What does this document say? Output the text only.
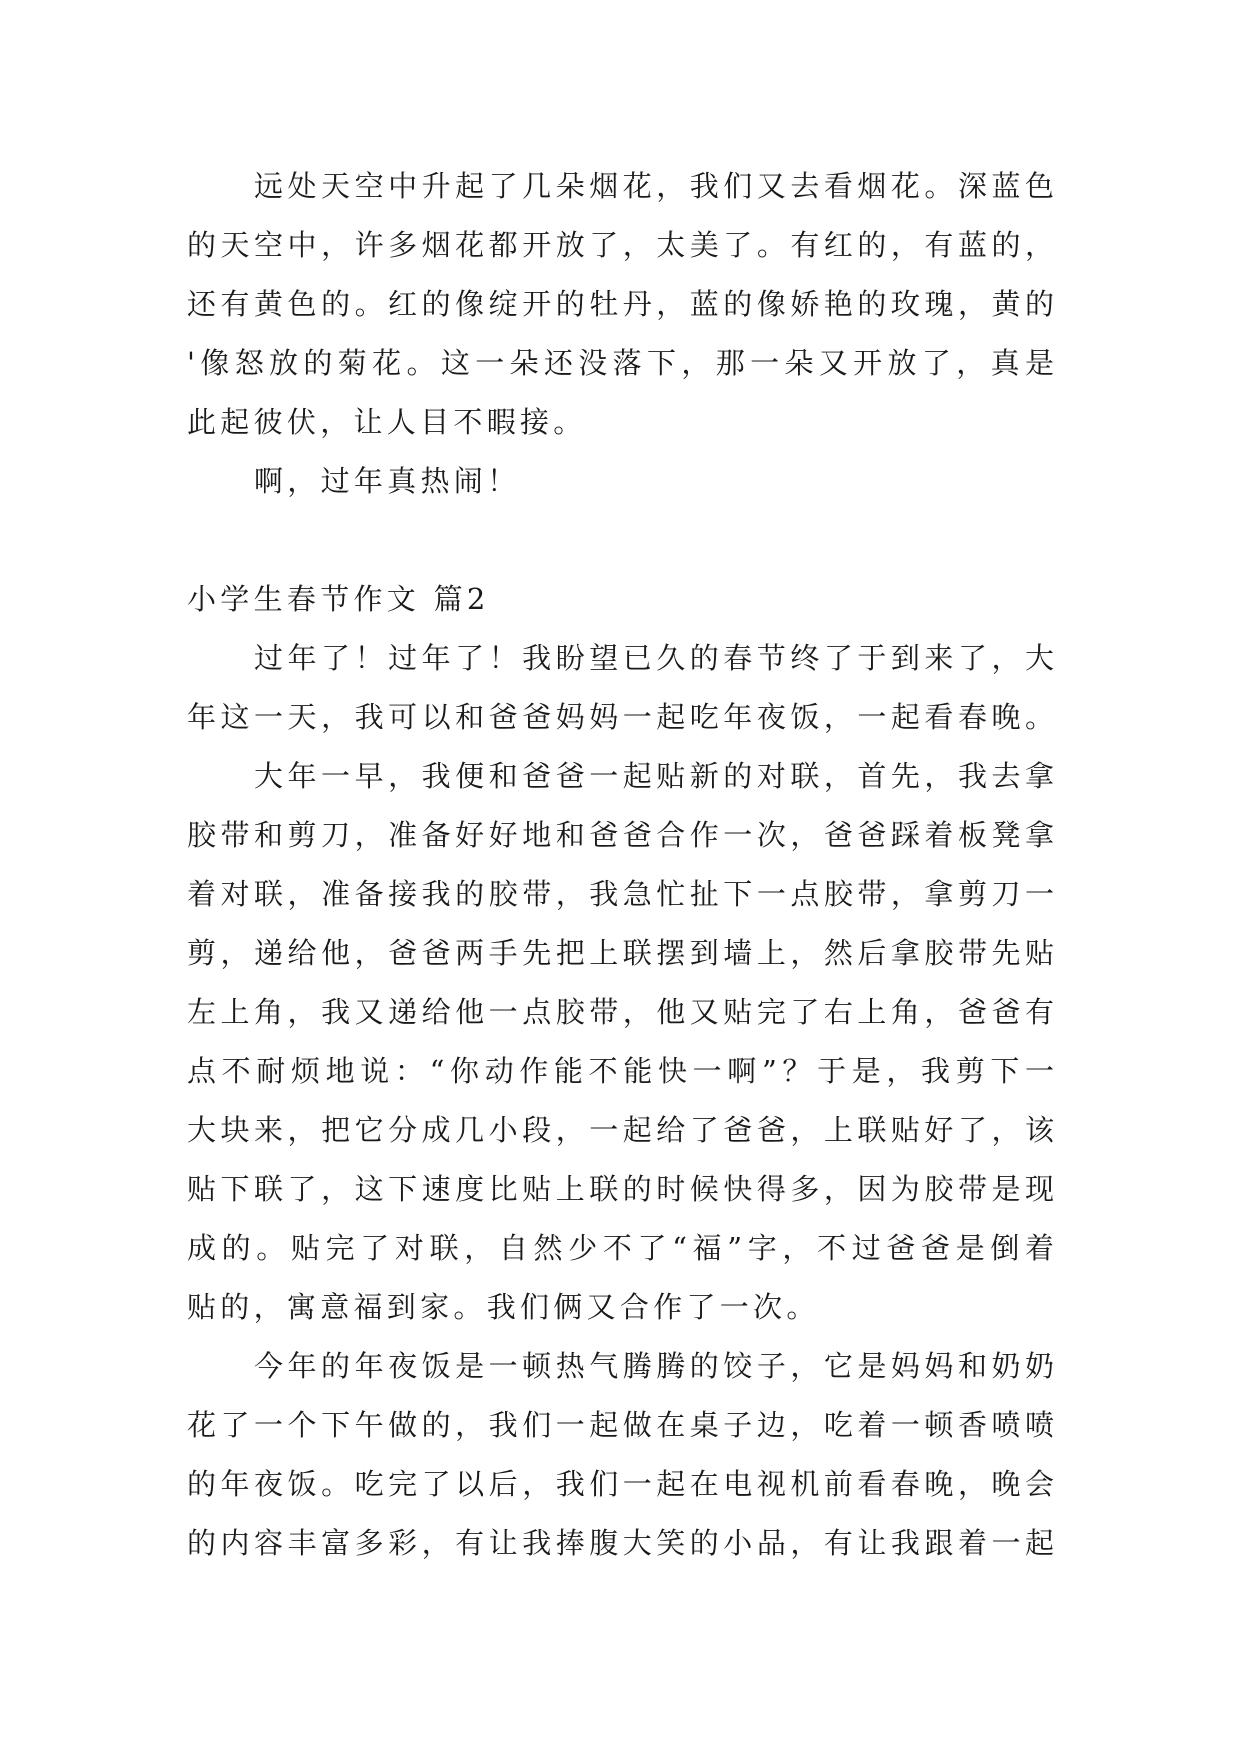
远处天空中升起了几朵烟花，我们又去看烟花。深蓝色
的天空中，许多烟花都开放了，太美了。有红的，有蓝的，
还有黄色的。红的像绽开的牡丹，蓝的像娇艳的玫瑰，黄的
'像怒放的菊花。这一朵还没落下，那一朵又开放了，真是
此起彼伏，让人目不暇接。
啊，过年真热闹！
小学生春节作文 篇2
过年了！过年了！我盼望已久的春节终了于到来了，大
年这一天，我可以和爸爸妈妈一起吃年夜饭，一起看春晚。
大年一早，我便和爸爸一起贴新的对联，首先，我去拿
胶带和剪刀，准备好好地和爸爸合作一次，爸爸踩着板凳拿
着对联，准备接我的胶带，我急忙扯下一点胶带，拿剪刀一
剪，递给他，爸爸两手先把上联摆到墙上，然后拿胶带先贴
左上角，我又递给他一点胶带，他又贴完了右上角，爸爸有
点不耐烦地说：“你动作能不能快一啊”？于是，我剪下一
大块来，把它分成几小段，一起给了爸爸，上联贴好了，该
贴下联了，这下速度比贴上联的时候快得多，因为胶带是现
成的。贴完了对联，自然少不了“福”字，不过爸爸是倒着
贴的，寓意福到家。我们俩又合作了一次。
今年的年夜饭是一顿热气腾腾的饺子，它是妈妈和奶奶
花了一个下午做的，我们一起做在桌子边，吃着一顿香喷喷
的年夜饭。吃完了以后，我们一起在电视机前看春晚，晚会
的内容丰富多彩，有让我捧腹大笑的小品，有让我跟着一起
